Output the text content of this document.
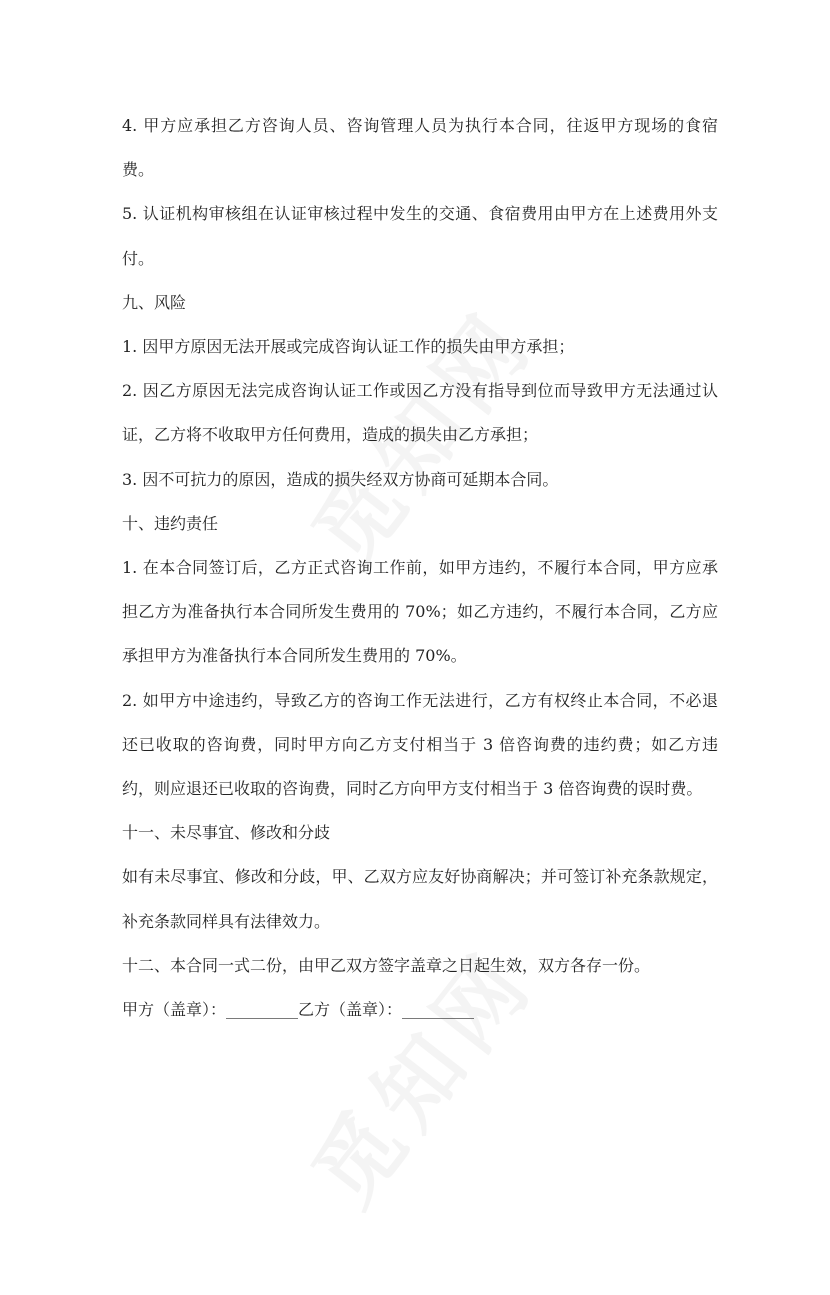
4. 甲方应承担乙方咨询人员、咨询管理人员为执行本合同，往返甲方现场的食宿费。

5. 认证机构审核组在认证审核过程中发生的交通、食宿费用由甲方在上述费用外支付。

九、风险

1. 因甲方原因无法开展或完成咨询认证工作的损失由甲方承担；

2. 因乙方原因无法完成咨询认证工作或因乙方没有指导到位而导致甲方无法通过认证，乙方将不收取甲方任何费用，造成的损失由乙方承担；

3. 因不可抗力的原因，造成的损失经双方协商可延期本合同。

十、违约责任

1. 在本合同签订后，乙方正式咨询工作前，如甲方违约，不履行本合同，甲方应承担乙方为准备执行本合同所发生费用的 70%；如乙方违约，不履行本合同，乙方应承担甲方为准备执行本合同所发生费用的 70%。

2. 如甲方中途违约，导致乙方的咨询工作无法进行，乙方有权终止本合同，不必退还已收取的咨询费，同时甲方向乙方支付相当于 3 倍咨询费的违约费；如乙方违约，则应退还已收取的咨询费，同时乙方向甲方支付相当于 3 倍咨询费的误时费。

十一、未尽事宜、修改和分歧

如有未尽事宜、修改和分歧，甲、乙双方应友好协商解决；并可签订补充条款规定，补充条款同样具有法律效力。

十二、本合同一式二份，由甲乙双方签字盖章之日起生效，双方各存一份。

甲方（盖章）：_________乙方（盖章）：_________
